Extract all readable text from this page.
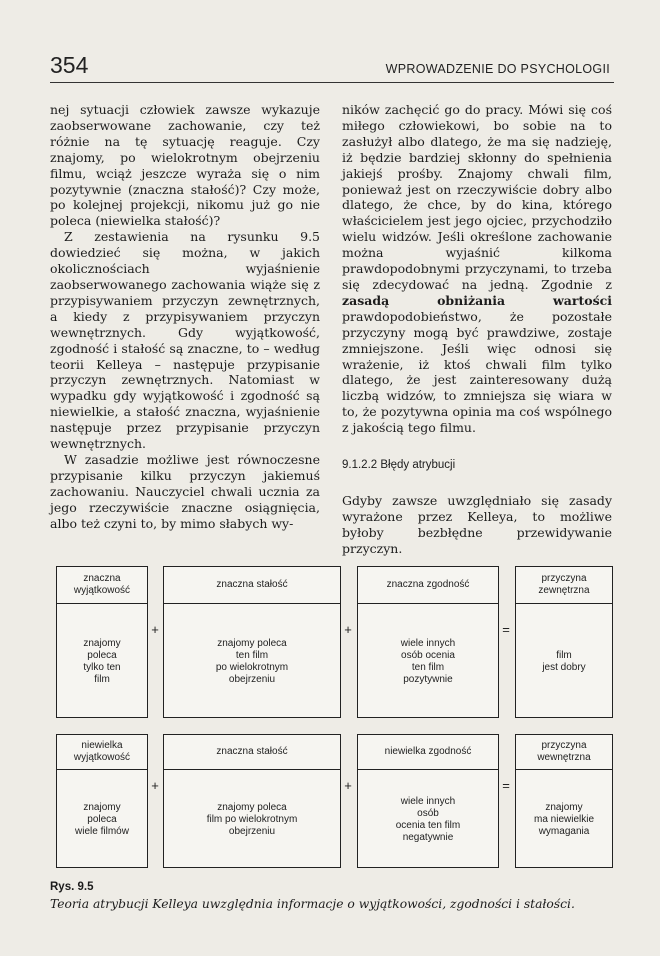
354	WPROWADZENIE DO PSYCHOLOGII

nej sytuacji człowiek zawsze wykazuje zaobserwowane zachowanie, czy też różnie na tę sytuację reaguje. Czy znajomy, po wielokrotnym obejrzeniu filmu, wciąż jeszcze wyraża się o nim pozytywnie (znaczna stałość)? Czy może, po kolejnej projekcji, nikomu już go nie poleca (niewielka stałość)?

Z zestawienia na rysunku 9.5 dowiedzieć się można, w jakich okolicznościach wyjaśnienie zaobserwowanego zachowania wiąże się z przypisywaniem przyczyn zewnętrznych, a kiedy z przypisywaniem przyczyn wewnętrznych. Gdy wyjątkowość, zgodność i stałość są znaczne, to – według teorii Kelleya – następuje przypisanie przyczyn zewnętrznych. Natomiast w wypadku gdy wyjątkowość i zgodność są niewielkie, a stałość znaczna, wyjaśnienie następuje przez przypisanie przyczyn wewnętrznych.

W zasadzie możliwe jest równoczesne przypisanie kilku przyczyn jakiemuś zachowaniu. Nauczyciel chwali ucznia za jego rzeczywiście znaczne osiągnięcia, albo też czyni to, by mimo słabych wy-

ników zachęcić go do pracy. Mówi się coś miłego człowiekowi, bo sobie na to zasłużył albo dlatego, że ma się nadzieję, iż będzie bardziej skłonny do spełnienia jakiejś prośby. Znajomy chwali film, ponieważ jest on rzeczywiście dobry albo dlatego, że chce, by do kina, którego właścicielem jest jego ojciec, przychodziło wielu widzów. Jeśli określone zachowanie można wyjaśnić kilkoma prawdopodobnymi przyczynami, to trzeba się zdecydować na jedną. Zgodnie z zasadą obniżania wartości prawdopodobieństwo, że pozostałe przyczyny mogą być prawdziwe, zostaje zmniejszone. Jeśli więc odnosi się wrażenie, iż ktoś chwali film tylko dlatego, że jest zainteresowany dużą liczbą widzów, to zmniejsza się wiara w to, że pozytywna opinia ma coś wspólnego z jakością tego filmu.

9.1.2.2 Błędy atrybucji

Gdyby zawsze uwzględniało się zasady wyrażone przez Kelleya, to możliwe byłoby bezbłędne przewidywanie przyczyn.

znaczna
wyjątkowość
znajomy
poleca
tylko ten
film
+
znaczna stałość
znajomy poleca
ten film
po wielokrotnym
obejrzeniu
+
znaczna zgodność
wiele innych
osób ocenia
ten film
pozytywnie
=
przyczyna
zewnętrzna
film
jest dobry
niewielka
wyjątkowość
znajomy
poleca
wiele filmów
+
znaczna stałość
znajomy poleca
film po wielokrotnym
obejrzeniu
+
niewielka zgodność
wiele innych
osób
ocenia ten film
negatywnie
=
przyczyna
wewnętrzna
znajomy
ma niewielkie
wymagania
Rys. 9.5
Teoria atrybucji Kelleya uwzględnia informacje o wyjątkowości, zgodności i stałości.
